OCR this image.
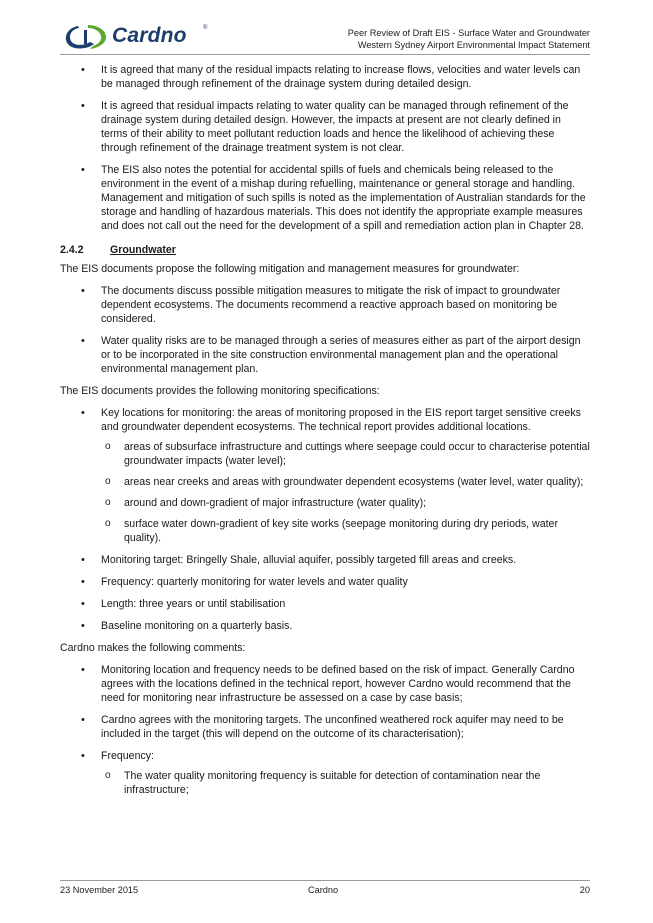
Cardno	®	Peer Review of Draft EIS - Surface Water and Groundwater
Western Sydney Airport Environmental Impact Statement
• It is agreed that many of the residual impacts relating to increase flows, velocities and water levels can be managed through refinement of the drainage system during detailed design.
• It is agreed that residual impacts relating to water quality can be managed through refinement of the drainage system during detailed design. However, the impacts at present are not clearly defined in terms of their ability to meet pollutant reduction loads and hence the likelihood of achieving these through refinement of the drainage treatment system is not clear.
• The EIS also notes the potential for accidental spills of fuels and chemicals being released to the environment in the event of a mishap during refuelling, maintenance or general storage and handling. Management and mitigation of such spills is noted as the implementation of Australian standards for the storage and handling of hazardous materials. This does not identify the appropriate example measures and does not call out the need for the development of a spill and remediation action plan in Chapter 28.
2.4.2 Groundwater

The EIS documents propose the following mitigation and management measures for groundwater:

• The documents discuss possible mitigation measures to mitigate the risk of impact to groundwater dependent ecosystems. The documents recommend a reactive approach based on monitoring be considered.
• Water quality risks are to be managed through a series of measures either as part of the airport design or to be incorporated in the site construction environmental management plan and the operational environmental management plan.

The EIS documents provides the following monitoring specifications:

• Key locations for monitoring: the areas of monitoring proposed in the EIS report target sensitive creeks and groundwater dependent ecosystems. The technical report provides additional locations.
o areas of subsurface infrastructure and cuttings where seepage could occur to characterise potential groundwater impacts (water level);
o areas near creeks and areas with groundwater dependent ecosystems (water level, water quality);
o around and down-gradient of major infrastructure (water quality);
o surface water down-gradient of key site works (seepage monitoring during dry periods, water quality).
• Monitoring target: Bringelly Shale, alluvial aquifer, possibly targeted fill areas and creeks.
• Frequency: quarterly monitoring for water levels and water quality
• Length: three years or until stabilisation
• Baseline monitoring on a quarterly basis.

Cardno makes the following comments:

• Monitoring location and frequency needs to be defined based on the risk of impact. Generally Cardno agrees with the locations defined in the technical report, however Cardno would recommend that the need for monitoring near infrastructure be assessed on a case by case basis;
• Cardno agrees with the monitoring targets. The unconfined weathered rock aquifer may need to be included in the target (this will depend on the outcome of its characterisation);
• Frequency:
o The water quality monitoring frequency is suitable for detection of contamination near the infrastructure;
23 November 2015	Cardno	20
